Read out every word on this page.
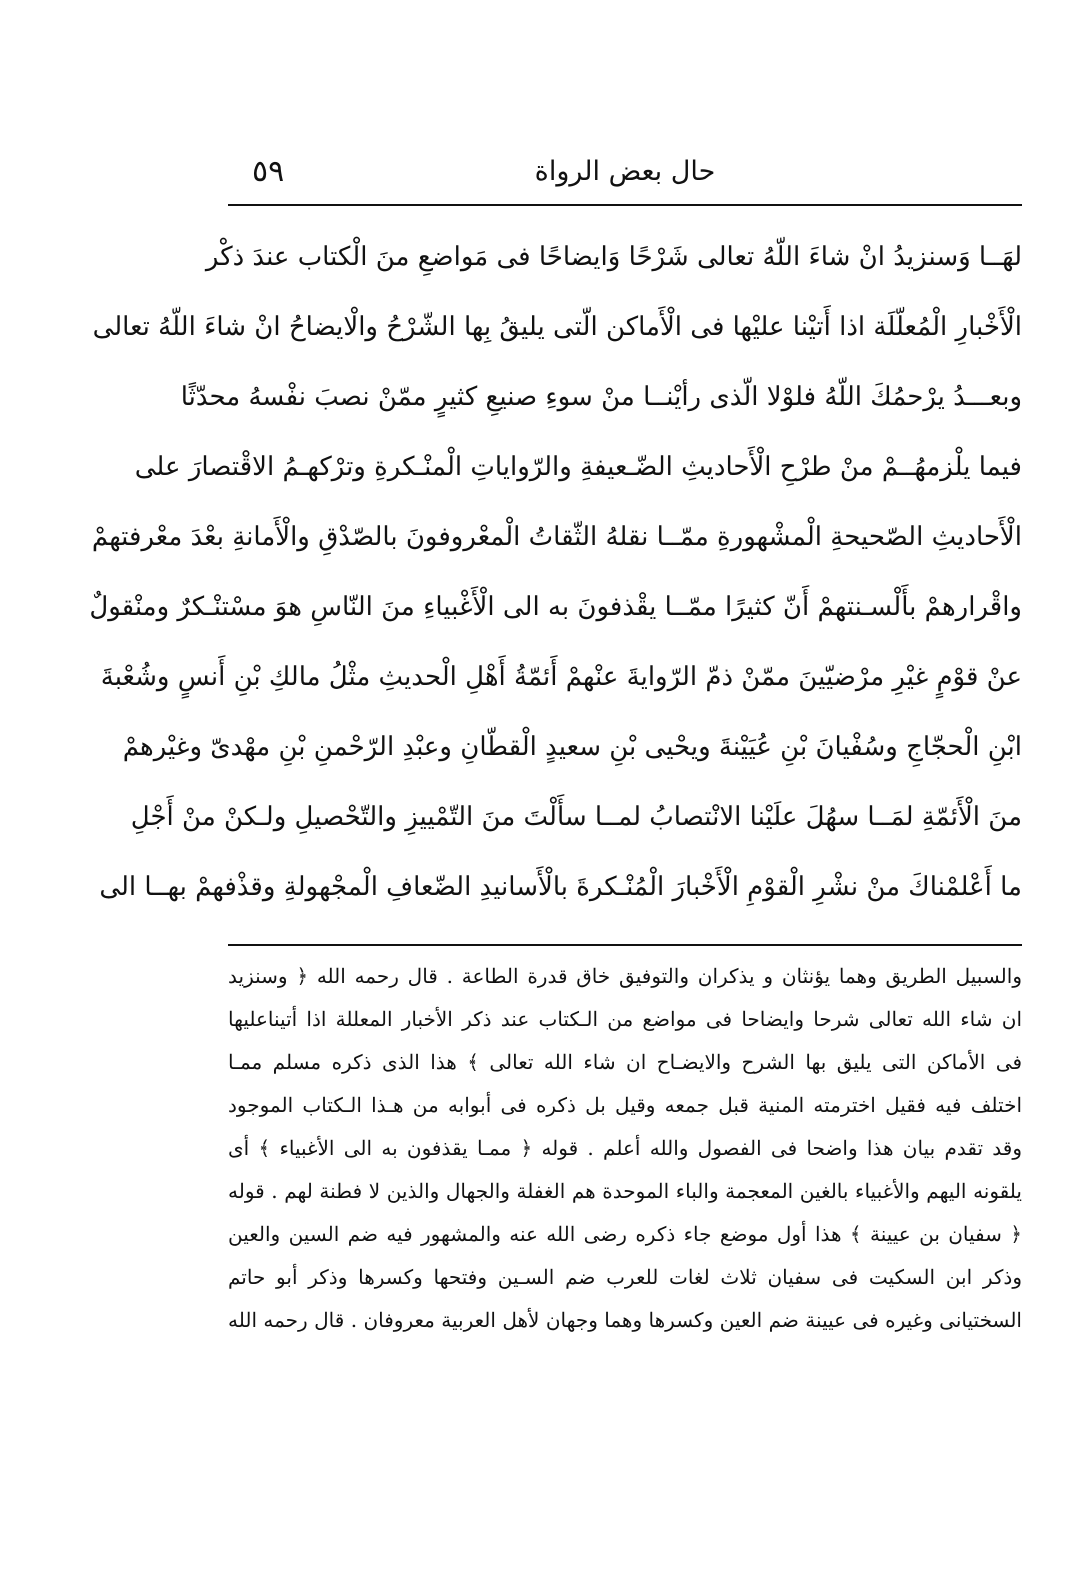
حال بعض الرواة
٥٩
لهَــا وَسنزيدُ انْ شاءَ اللّهُ تعالى شَرْحًا وَايضاحًا فى مَواضعِ منَ الْكتاب عندَ ذكْر
الْأَخْبارِ الْمُعلّلَة اذا أَتيْنا عليْها فى الْأَماكن الّتى يليقُ بِها الشّرْحُ والْايضاحُ انْ شاءَ اللّهُ تعالى
وبعـــدُ يرْحمُكَ اللّهُ فلوْلا الّذى رأيْنــا منْ سوءِ صنيعِ كثيرٍ ممّنْ نصبَ نفْسهُ محدّثًا
فيما يلْزمهُــمْ منْ طرْحِ الْأَحاديثِ الضّـعيفةِ والرّواياتِ الْمنْـكرةِ وترْكهـمُ الاقْتصارَ على
الْأَحاديثِ الصّحيحةِ الْمشْهورةِ ممّــا نقلهُ الثّقاتُ الْمعْروفونَ بالصّدْقِ والْأَمانةِ بعْدَ معْرفتهمْ
واقْرارهمْ بأَلْسـنتهمْ أَنّ كثيرًا ممّــا يقْذفونَ به الى الْأَغْبياءِ منَ النّاسِ هوَ مسْتنْـكرٌ ومنْقولٌ
عنْ قوْمٍ غيْرِ مرْضيّينَ ممّنْ ذمّ الرّوايةَ عنْهمْ أَئمّةُ أَهْلِ الْحديثِ مثْلُ مالكِ بْنِ أَنسٍ وشُعْبةَ
ابْنِ الْحجّاجِ وسُفْيانَ بْنِ عُيَيْنةَ ويحْيى بْنِ سعيدٍ الْقطّانِ وعبْدِ الرّحْمنِ بْنِ مهْدىّ وغيْرهمْ
منَ الْأَئمّةِ لمَــا سهُلَ علَيْنا الانْتصابُ لمــا سأَلْتَ منَ التّمْييزِ والتّحْصيلِ ولـكنْ منْ أَجْلِ
ما أَعْلمْناكَ منْ نشْرِ الْقوْمِ الْأَخْبارَ الْمُنْـكرةَ بالْأَسانيدِ الضّعافِ الْمجْهولةِ وقذْفهمْ بهــا الى
والسبيل الطريق وهما يؤنثان و يذكران والتوفيق خاق قدرة الطاعة . قال رحمه الله ﴿ وسنزيد
ان شاء الله تعالى شرحا وايضاحا فى مواضع من الـكتاب عند ذكر الأخبار المعللة اذا أتيناعليها
فى الأماكن التى يليق بها الشرح والايضـاح ان شاء الله تعالى ﴾ هذا الذى ذكره مسلم ممـا
اختلف فيه فقيل اخترمته المنية قبل جمعه وقيل بل ذكره فى أبوابه من هـذا الـكتاب الموجود
وقد تقدم بيان هذا واضحا فى الفصول والله أعلم . قوله ﴿ ممـا يقذفون به الى الأغبياء ﴾ أى
يلقونه اليهم والأغبياء بالغين المعجمة والباء الموحدة هم الغفلة والجهال والذين لا فطنة لهم . قوله
﴿ سفيان بن عيينة ﴾ هذا أول موضع جاء ذكره رضى الله عنه والمشهور فيه ضم السين والعين
وذكر ابن السكيت فى سفيان ثلاث لغات للعرب ضم السـين وفتحها وكسرها وذكر أبو حاتم
السختيانى وغيره فى عيينة ضم العين وكسرها وهما وجهان لأهل العربية معروفان . قال رحمه الله
